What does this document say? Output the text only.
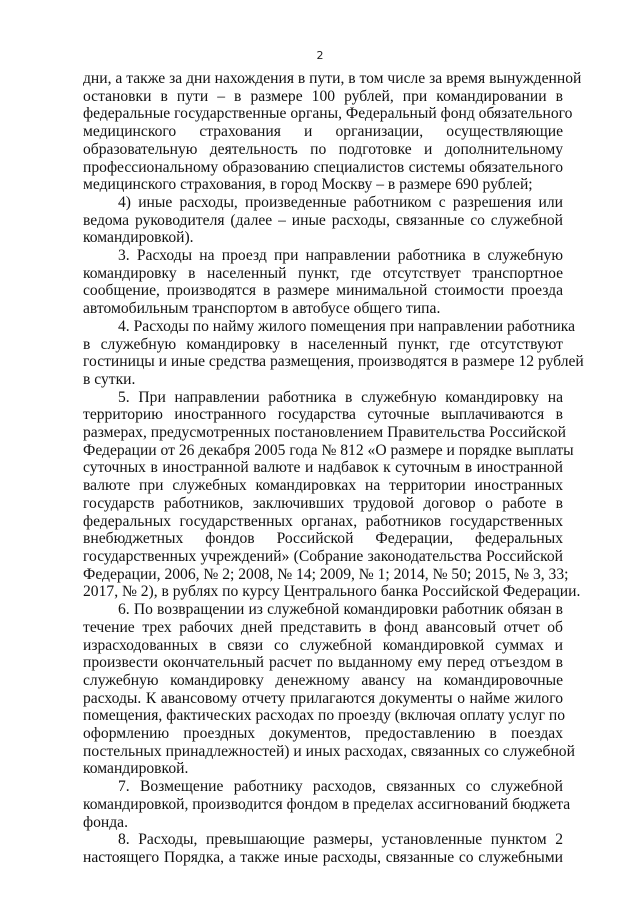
2
дни, а также за дни нахождения в пути, в том числе за время вынужденной
остановки в пути – в размере 100 рублей, при командировании в
федеральные государственные органы, Федеральный фонд обязательного
медицинского страхования и организации, осуществляющие
образовательную деятельность по подготовке и дополнительному
профессиональному образованию специалистов системы обязательного
медицинского страхования, в город Москву – в размере 690 рублей;
4) иные расходы, произведенные работником с разрешения или
ведома руководителя (далее – иные расходы, связанные со служебной
командировкой).
3. Расходы на проезд при направлении работника в служебную
командировку в населенный пункт, где отсутствует транспортное
сообщение, производятся в размере минимальной стоимости проезда
автомобильным транспортом в автобусе общего типа.
4. Расходы по найму жилого помещения при направлении работника
в служебную командировку в населенный пункт, где отсутствуют
гостиницы и иные средства размещения, производятся в размере 12 рублей
в сутки.
5. При направлении работника в служебную командировку на
территорию иностранного государства суточные выплачиваются в
размерах, предусмотренных постановлением Правительства Российской
Федерации от 26 декабря 2005 года № 812 «О размере и порядке выплаты
суточных в иностранной валюте и надбавок к суточным в иностранной
валюте при служебных командировках на территории иностранных
государств работников, заключивших трудовой договор о работе в
федеральных государственных органах, работников государственных
внебюджетных фондов Российской Федерации, федеральных
государственных учреждений» (Собрание законодательства Российской
Федерации, 2006, № 2; 2008, № 14; 2009, № 1; 2014, № 50; 2015, № 3, 33;
2017, № 2), в рублях по курсу Центрального банка Российской Федерации.
6. По возвращении из служебной командировки работник обязан в
течение трех рабочих дней представить в фонд авансовый отчет об
израсходованных в связи со служебной командировкой суммах и
произвести окончательный расчет по выданному ему перед отъездом в
служебную командировку денежному авансу на командировочные
расходы. К авансовому отчету прилагаются документы о найме жилого
помещения, фактических расходах по проезду (включая оплату услуг по
оформлению проездных документов, предоставлению в поездах
постельных принадлежностей) и иных расходах, связанных со служебной
командировкой.
7. Возмещение работнику расходов, связанных со служебной
командировкой, производится фондом в пределах ассигнований бюджета
фонда.
8. Расходы, превышающие размеры, установленные пунктом 2
настоящего Порядка, а также иные расходы, связанные со служебными
